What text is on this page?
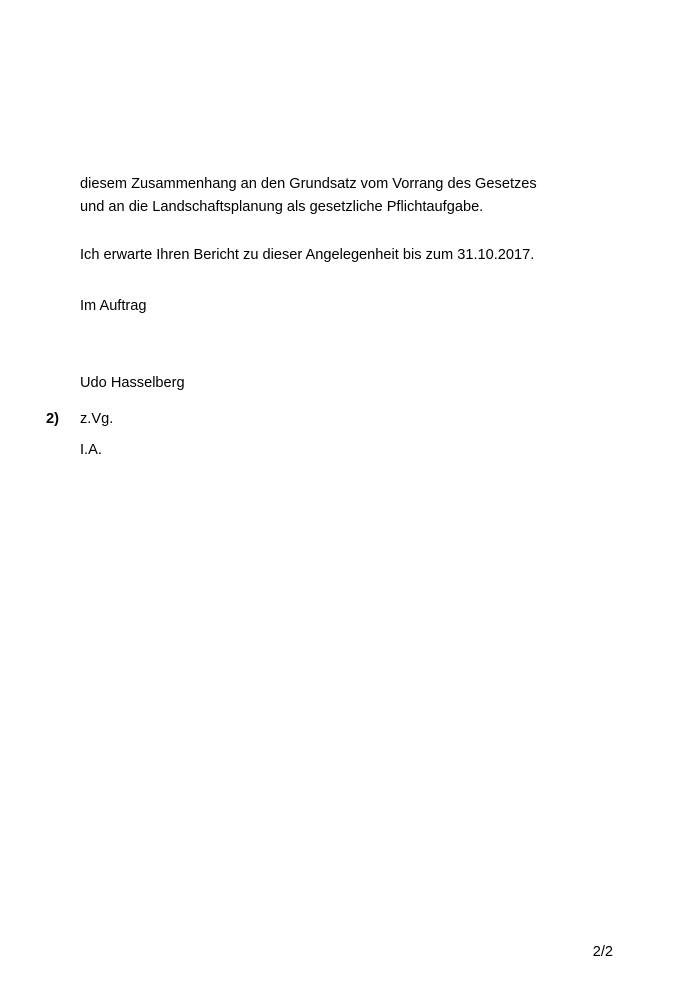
diesem Zusammenhang an den Grundsatz vom Vorrang des Gesetzes
und an die Landschaftsplanung als gesetzliche Pflichtaufgabe.
Ich erwarte Ihren Bericht zu dieser Angelegenheit bis zum 31.10.2017.
Im Auftrag
Udo Hasselberg
2) z.Vg.
I.A.
2/2
